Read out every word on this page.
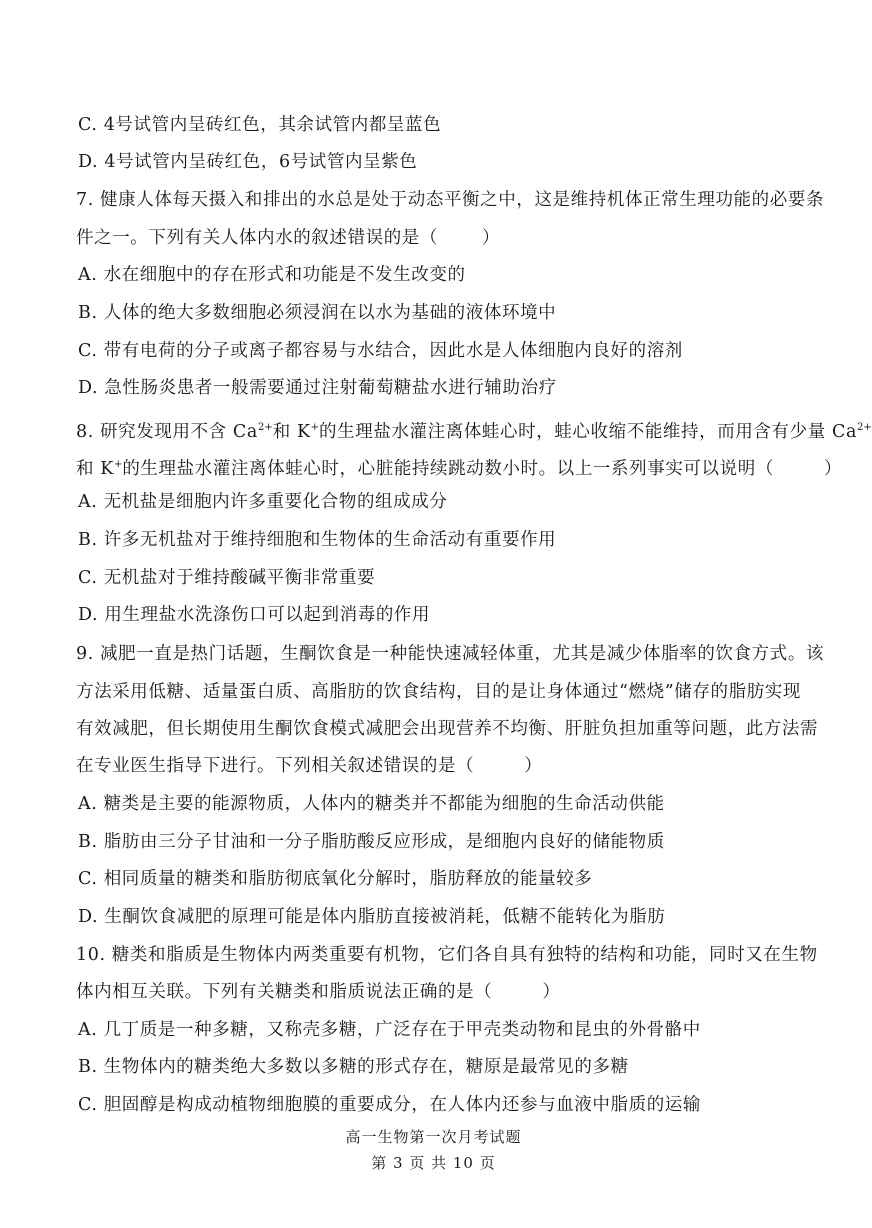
C. 4号试管内呈砖红色，其余试管内都呈蓝色
D. 4号试管内呈砖红色，6号试管内呈紫色
7. 健康人体每天摄入和排出的水总是处于动态平衡之中，这是维持机体正常生理功能的必要条
件之一。下列有关人体内水的叙述错误的是（	）
A. 水在细胞中的存在形式和功能是不发生改变的
B. 人体的绝大多数细胞必须浸润在以水为基础的液体环境中
C. 带有电荷的分子或离子都容易与水结合，因此水是人体细胞内良好的溶剂
D. 急性肠炎患者一般需要通过注射葡萄糖盐水进行辅助治疗
8. 研究发现用不含 $Ca^{2+}$和 K+的生理盐水灌注离体蛙心时，蛙心收缩不能维持，而用含有少量 $Ca^{2+}$
和 K+的生理盐水灌注离体蛙心时，心脏能持续跳动数小时。以上一系列事实可以说明（	）
A. 无机盐是细胞内许多重要化合物的组成成分
B. 许多无机盐对于维持细胞和生物体的生命活动有重要作用
C. 无机盐对于维持酸碱平衡非常重要
D. 用生理盐水洗涤伤口可以起到消毒的作用
9. 减肥一直是热门话题，生酮饮食是一种能快速减轻体重，尤其是减少体脂率的饮食方式。该
方法采用低糖、适量蛋白质、高脂肪的饮食结构，目的是让身体通过“燃烧”储存的脂肪实现
有效减肥，但长期使用生酮饮食模式减肥会出现营养不均衡、肝脏负担加重等问题，此方法需
在专业医生指导下进行。下列相关叙述错误的是（	）
A. 糖类是主要的能源物质，人体内的糖类并不都能为细胞的生命活动供能
B. 脂肪由三分子甘油和一分子脂肪酸反应形成，是细胞内良好的储能物质
C. 相同质量的糖类和脂肪彻底氧化分解时，脂肪释放的能量较多
D. 生酮饮食减肥的原理可能是体内脂肪直接被消耗，低糖不能转化为脂肪
10. 糖类和脂质是生物体内两类重要有机物，它们各自具有独特的结构和功能，同时又在生物
体内相互关联。下列有关糖类和脂质说法正确的是（	）
A. 几丁质是一种多糖，又称壳多糖，广泛存在于甲壳类动物和昆虫的外骨骼中
B. 生物体内的糖类绝大多数以多糖的形式存在，糖原是最常见的多糖
C. 胆固醇是构成动植物细胞膜的重要成分，在人体内还参与血液中脂质的运输
高一生物第一次月考试题
第 3 页 共 10 页
